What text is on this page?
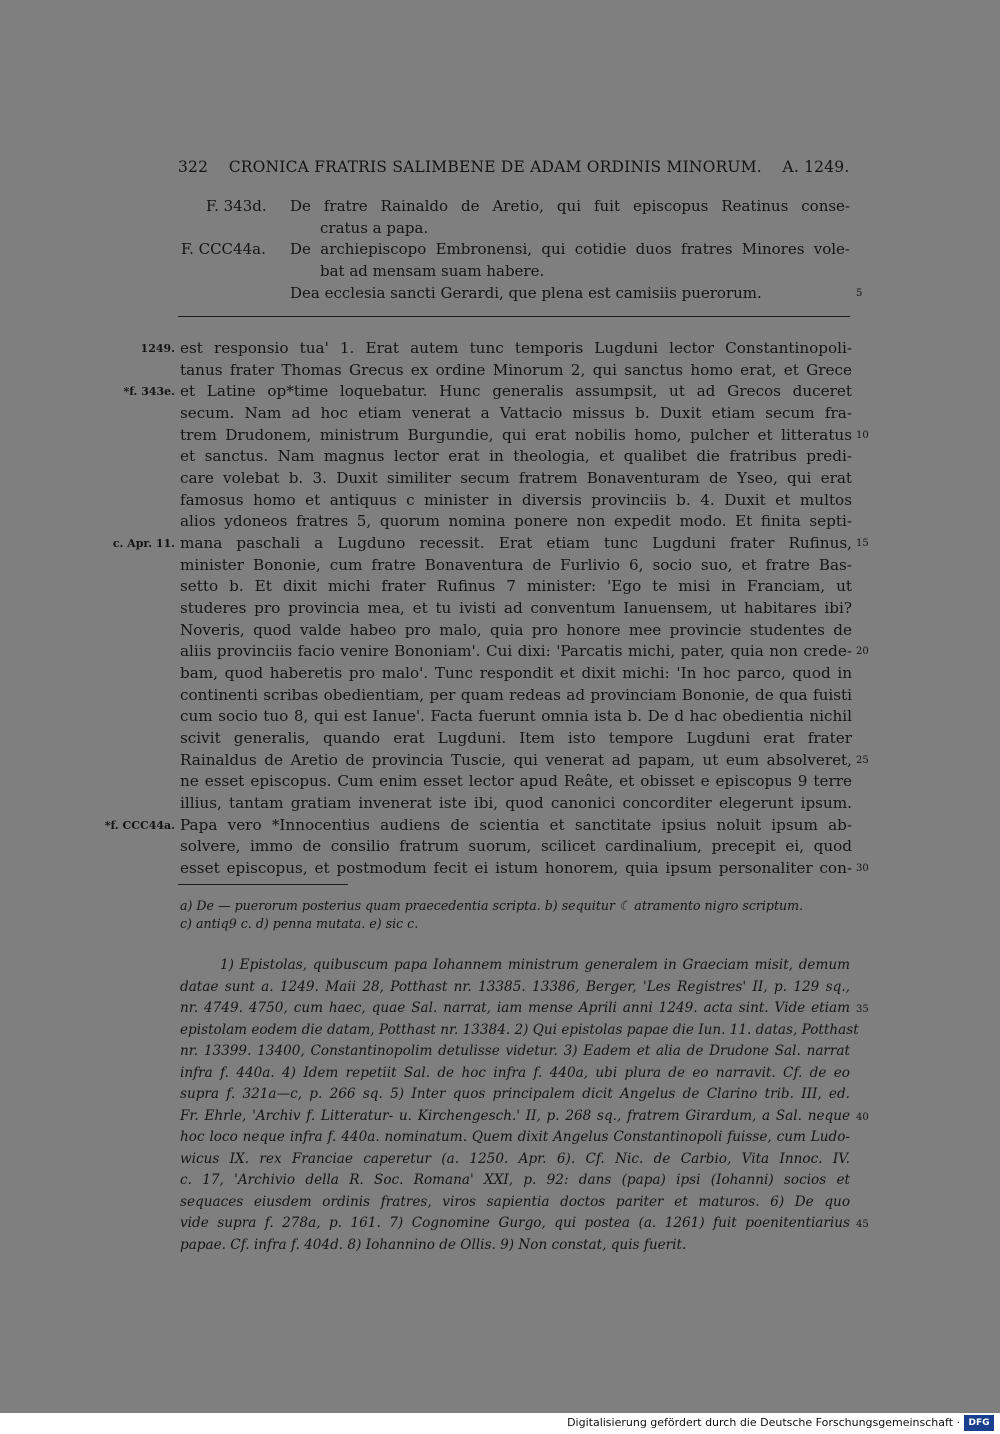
322 CRONICA FRATRIS SALIMBENE DE ADAM ORDINIS MINORUM. A. 1249.
F. 343d. De fratre Rainaldo de Aretio, qui fuit episcopus Reatinus conse-
cratus a papa.
F. CCC44a. De archiepiscopo Embronensi, qui cotidie duos fratres Minores vole-
bat ad mensam suam habere.
Dea ecclesia sancti Gerardi, que plena est camisiis puerorum.	5
est responsio tua' 1. Erat autem tunc temporis Lugduni lector Constantinopoli-
1249.
tanus frater Thomas Grecus ex ordine Minorum 2, qui sanctus homo erat, et Grece
et Latine op*time loquebatur. Hunc generalis assumpsit, ut ad Grecos duceret
*f. 343e.
secum. Nam ad hoc etiam venerat a Vattacio missus b. Duxit etiam secum fra-
trem Drudonem, ministrum Burgundie, qui erat nobilis homo, pulcher et litteratus 10
et sanctus. Nam magnus lector erat in theologia, et qualibet die fratribus predi-
care volebat b. 3. Duxit similiter secum fratrem Bonaventuram de Yseo, qui erat
famosus homo et antiquus c minister in diversis provinciis b. 4. Duxit et multos
alios ydoneos fratres 5, quorum nomina ponere non expedit modo. Et finita septi-
mana paschali a Lugduno recessit. Erat etiam tunc Lugduni frater Rufinus,
c. Apr. 11.	15
minister Bononie, cum fratre Bonaventura de Furlivio 6, socio suo, et fratre Bas-
setto b. Et dixit michi frater Rufinus 7 minister: 'Ego te misi in Franciam, ut
studeres pro provincia mea, et tu ivisti ad conventum Ianuensem, ut habitares ibi?
Noveris, quod valde habeo pro malo, quia pro honore mee provincie studentes de
aliis provinciis facio venire Bononiam'. Cui dixi: 'Parcatis michi, pater, quia non crede- 20
bam, quod haberetis pro malo'. Tunc respondit et dixit michi: 'In hoc parco, quod in
continenti scribas obedientiam, per quam redeas ad provinciam Bononie, de qua fuisti
cum socio tuo 8, qui est Ianue'. Facta fuerunt omnia ista b. De d hac obedientia nichil
scivit generalis, quando erat Lugduni. Item isto tempore Lugduni erat frater
Rainaldus de Aretio de provincia Tuscie, qui venerat ad papam, ut eum absolveret, 25
ne esset episcopus. Cum enim esset lector apud Reâte, et obisset e episcopus 9 terre
illius, tantam gratiam invenerat iste ibi, quod canonici concorditer elegerunt ipsum.
Papa vero *Innocentius audiens de scientia et sanctitate ipsius noluit ipsum ab-
*f. CCC44a.
solvere, immo de consilio fratrum suorum, scilicet cardinalium, precepit ei, quod
esset episcopus, et postmodum fecit ei istum honorem, quia ipsum personaliter con- 30
a) De — puerorum posterius quam praecedentia scripta. b) sequitur ☾ atramento nigro scriptum.
c) antiq9 c. d) penna mutata. e) sic c.
1) Epistolas, quibuscum papa Iohannem ministrum generalem in Graeciam misit, demum
datae sunt a. 1249. Maii 28, Potthast nr. 13385. 13386, Berger, 'Les Registres' II, p. 129 sq.,
nr. 4749. 4750, cum haec, quae Sal. narrat, iam mense Aprili anni 1249. acta sint. Vide etiam 35
epistolam eodem die datam, Potthast nr. 13384. 2) Qui epistolas papae die Iun. 11. datas, Potthast
nr. 13399. 13400, Constantinopolim detulisse videtur. 3) Eadem et alia de Drudone Sal. narrat
infra f. 440a. 4) Idem repetiit Sal. de hoc infra f. 440a, ubi plura de eo narravit. Cf. de eo
supra f. 321a—c, p. 266 sq. 5) Inter quos principalem dicit Angelus de Clarino trib. III, ed.
Fr. Ehrle, 'Archiv f. Litteratur- u. Kirchengesch.' II, p. 268 sq., fratrem Girardum, a Sal. neque 40
hoc loco neque infra f. 440a. nominatum. Quem dixit Angelus Constantinopoli fuisse, cum Ludo-
wicus IX. rex Franciae caperetur (a. 1250. Apr. 6). Cf. Nic. de Carbio, Vita Innoc. IV.
c. 17, 'Archivio della R. Soc. Romana' XXI, p. 92: dans (papa) ipsi (Iohanni) socios et
sequaces eiusdem ordinis fratres, viros sapientia doctos pariter et maturos. 6) De quo
vide supra f. 278a, p. 161. 7) Cognomine Gurgo, qui postea (a. 1261) fuit poenitentiarius 45
papae. Cf. infra f. 404d. 8) Iohannino de Ollis. 9) Non constat, quis fuerit.
Digitalisierung gefördert durch die Deutsche Forschungsgemeinschaft · DFG
